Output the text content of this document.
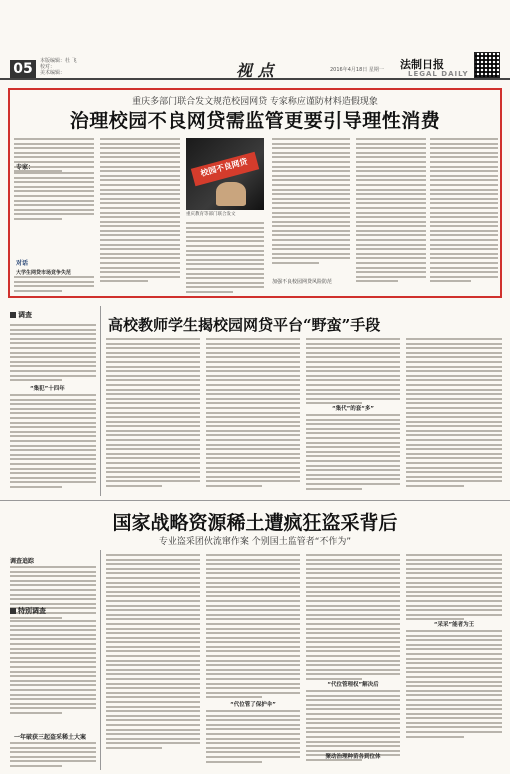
05	本版编辑：杜 飞
校对：
美术编辑：	视 点	2016年4月18日 星期一 法制日报
LEGAL DAILY
重庆多部门联合发文规范校园网贷 专家称应谨防材料造假现象
治理校园不良网贷需监管更要引导理性消费
专家：
对话
大学生网贷市场竞争失范
校园不良网贷
重庆教育等部门联合发文
加强不良校园网贷风险防范
调查
高校教师学生揭校园网贷平台“野蛮”手段
“集犯”十四年
“集代”的套“多”
国家战略资源稀土遭疯狂盗采背后
专业盗采团伙流窜作案 个别国土监管者“不作为”
调查追踪
特别调查
一年破获三起盗采稀土大案
“代位管了保护伞”
“代位管理权”解决后
“采采”能者为王
聚动治理种苗各到位体
